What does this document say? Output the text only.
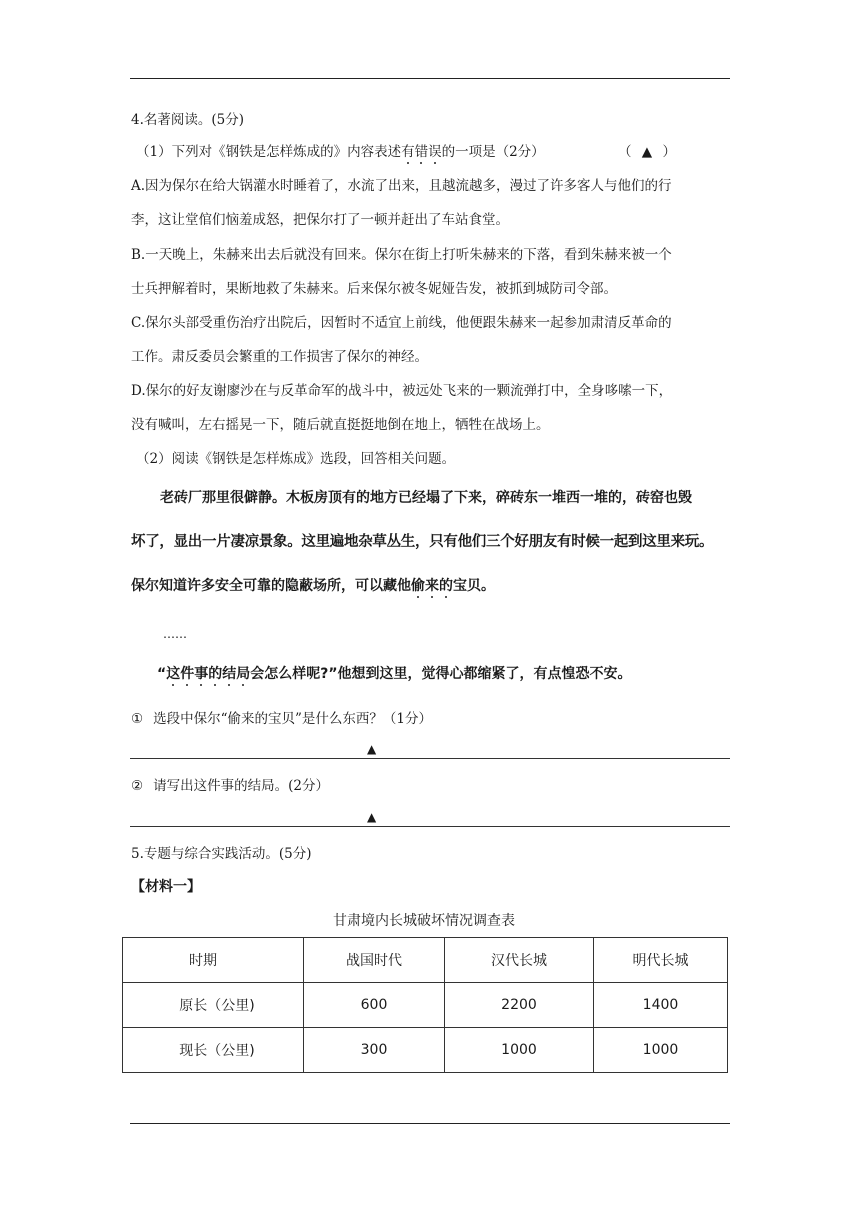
4.名著阅读。(5分)
（1）下列对《钢铁是怎样炼成的》内容表述有错误的一项是（2分）	（ ▲ ）
A.因为保尔在给大锅灌水时睡着了，水流了出来，且越流越多，漫过了许多客人与他们的行
李，这让堂倌们恼羞成怒，把保尔打了一顿并赶出了车站食堂。
B.一天晚上，朱赫来出去后就没有回来。保尔在街上打听朱赫来的下落，看到朱赫来被一个
士兵押解着时，果断地救了朱赫来。后来保尔被冬妮娅告发，被抓到城防司令部。
C.保尔头部受重伤治疗出院后，因暂时不适宜上前线，他便跟朱赫来一起参加肃清反革命的
工作。肃反委员会繁重的工作损害了保尔的神经。
D.保尔的好友谢廖沙在与反革命军的战斗中，被远处飞来的一颗流弹打中，全身哆嗦一下，
没有喊叫，左右摇晃一下，随后就直挺挺地倒在地上，牺牲在战场上。
（2）阅读《钢铁是怎样炼成》选段，回答相关问题。
老砖厂那里很僻静。木板房顶有的地方已经塌了下来，碎砖东一堆西一堆的，砖窑也毁
坏了，显出一片凄凉景象。这里遍地杂草丛生，只有他们三个好朋友有时候一起到这里来玩。
保尔知道许多安全可靠的隐蔽场所，可以藏他偷来的宝贝。
……
“这件事的结局会怎么样呢?”他想到这里，觉得心都缩紧了，有点惶恐不安。
① 选段中保尔“偷来的宝贝”是什么东西？（1分）
▲
② 请写出这件事的结局。(2分）
▲
5.专题与综合实践活动。(5分)
【材料一】
甘肃境内长城破坏情况调查表
时期	战国时代	汉代长城	明代长城
原长（公里)	600	2200	1400
现长（公里)	300	1000	1000
